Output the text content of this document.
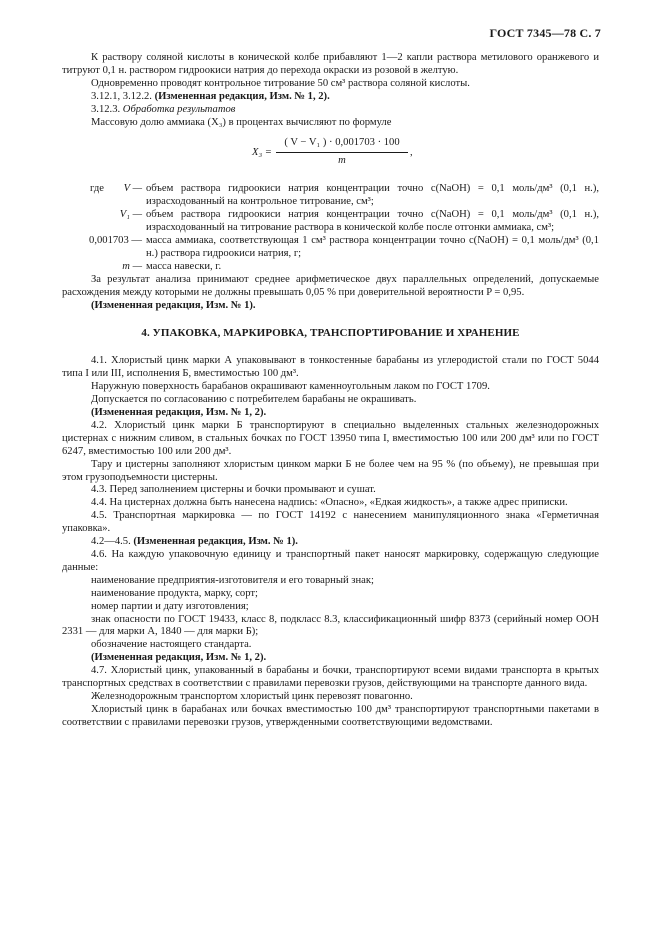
ГОСТ 7345—78 С. 7

К раствору соляной кислоты в конической колбе прибавляют 1—2 капли раствора метилового оранжевого и титруют 0,1 н. раствором гидроокиси натрия до перехода окраски из розовой в желтую.

Одновременно проводят контрольное титрование 50 см³ раствора соляной кислоты.

3.12.1, 3.12.2. (Измененная редакция, Изм. № 1, 2).

3.12.3. Обработка результатов

Массовую долю аммиака (X₃) в процентах вычисляют по формуле

X₃ =
( V − V₁ ) · 0,001703 · 100
m
,
где V — объем раствора гидроокиси натрия концентрации точно c(NaOH) = 0,1 моль/дм³ (0,1 н.), израсходованный на контрольное титрование, см³;
V₁ — объем раствора гидроокиси натрия концентрации точно c(NaOH) = 0,1 моль/дм³ (0,1 н.), израсходованный на титрование раствора в конической колбе после отгонки аммиака, см³;
0,001703 — масса аммиака, соответствующая 1 см³ раствора концентрации точно c(NaOH) = 0,1 моль/дм³ (0,1 н.) раствора гидроокиси натрия, г;
m — масса навески, г.

За результат анализа принимают среднее арифметическое двух параллельных определений, допускаемые расхождения между которыми не должны превышать 0,05 % при доверительной вероятности P = 0,95.

(Измененная редакция, Изм. № 1).

4. УПАКОВКА, МАРКИРОВКА, ТРАНСПОРТИРОВАНИЕ И ХРАНЕНИЕ

4.1. Хлористый цинк марки А упаковывают в тонкостенные барабаны из углеродистой стали по ГОСТ 5044 типа I или III, исполнения Б, вместимостью 100 дм³.

Наружную поверхность барабанов окрашивают каменноугольным лаком по ГОСТ 1709.

Допускается по согласованию с потребителем барабаны не окрашивать.

(Измененная редакция, Изм. № 1, 2).

4.2. Хлористый цинк марки Б транспортируют в специально выделенных стальных железнодорожных цистернах с нижним сливом, в стальных бочках по ГОСТ 13950 типа I, вместимостью 100 или 200 дм³ или по ГОСТ 6247, вместимостью 100 или 200 дм³.

Тару и цистерны заполняют хлористым цинком марки Б не более чем на 95 % (по объему), не превышая при этом грузоподъемности цистерны.

4.3. Перед заполнением цистерны и бочки промывают и сушат.

4.4. На цистернах должна быть нанесена надпись: «Опасно», «Едкая жидкость», а также адрес приписки.

4.5. Транспортная маркировка — по ГОСТ 14192 с нанесением манипуляционного знака «Герметичная упаковка».

4.2—4.5. (Измененная редакция, Изм. № 1).

4.6. На каждую упаковочную единицу и транспортный пакет наносят маркировку, содержащую следующие данные:

наименование предприятия-изготовителя и его товарный знак;

наименование продукта, марку, сорт;

номер партии и дату изготовления;

знак опасности по ГОСТ 19433, класс 8, подкласс 8.3, классификационный шифр 8373 (серийный номер ООН 2331 — для марки А, 1840 — для марки Б);

обозначение настоящего стандарта.

(Измененная редакция, Изм. № 1, 2).

4.7. Хлористый цинк, упакованный в барабаны и бочки, транспортируют всеми видами транспорта в крытых транспортных средствах в соответствии с правилами перевозки грузов, действующими на транспорте данного вида.

Железнодорожным транспортом хлористый цинк перевозят повагонно.

Хлористый цинк в барабанах или бочках вместимостью 100 дм³ транспортируют транспортными пакетами в соответствии с правилами перевозки грузов, утвержденными соответствующими ведомствами.
